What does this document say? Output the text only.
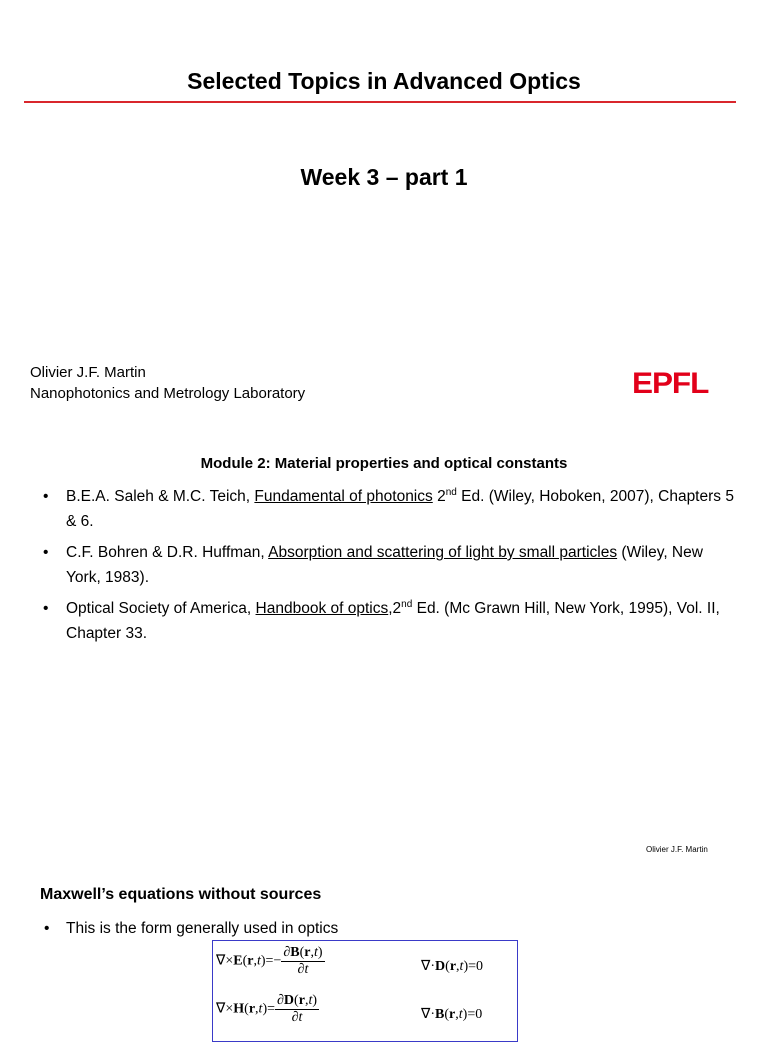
Selected Topics in Advanced Optics
Week 3 – part 1
Olivier J.F. Martin
Nanophotonics and Metrology Laboratory	EPFL
Module 2: Material properties and optical constants
• B.E.A. Saleh & M.C. Teich, Fundamental of photonics 2nd Ed. (Wiley, Hoboken, 2007), Chapters 5 & 6.
• C.F. Bohren & D.R. Huffman, Absorption and scattering of light by small particles (Wiley, New York, 1983).
• Optical Society of America, Handbook of optics,2nd Ed. (Mc Grawn Hill, New York, 1995), Vol. II, Chapter 33.
Olivier J.F. Martin
Maxwell’s equations without sources
• This is the form generally used in optics
$\nabla\times E(r,t)=- \frac{\partial B(r,t)}{\partial t}$	∇·D(r,t)=0
$\nabla\times H(r,t)= \frac{\partial D(r,t)}{\partial t}$	∇·B(r,t)=0
